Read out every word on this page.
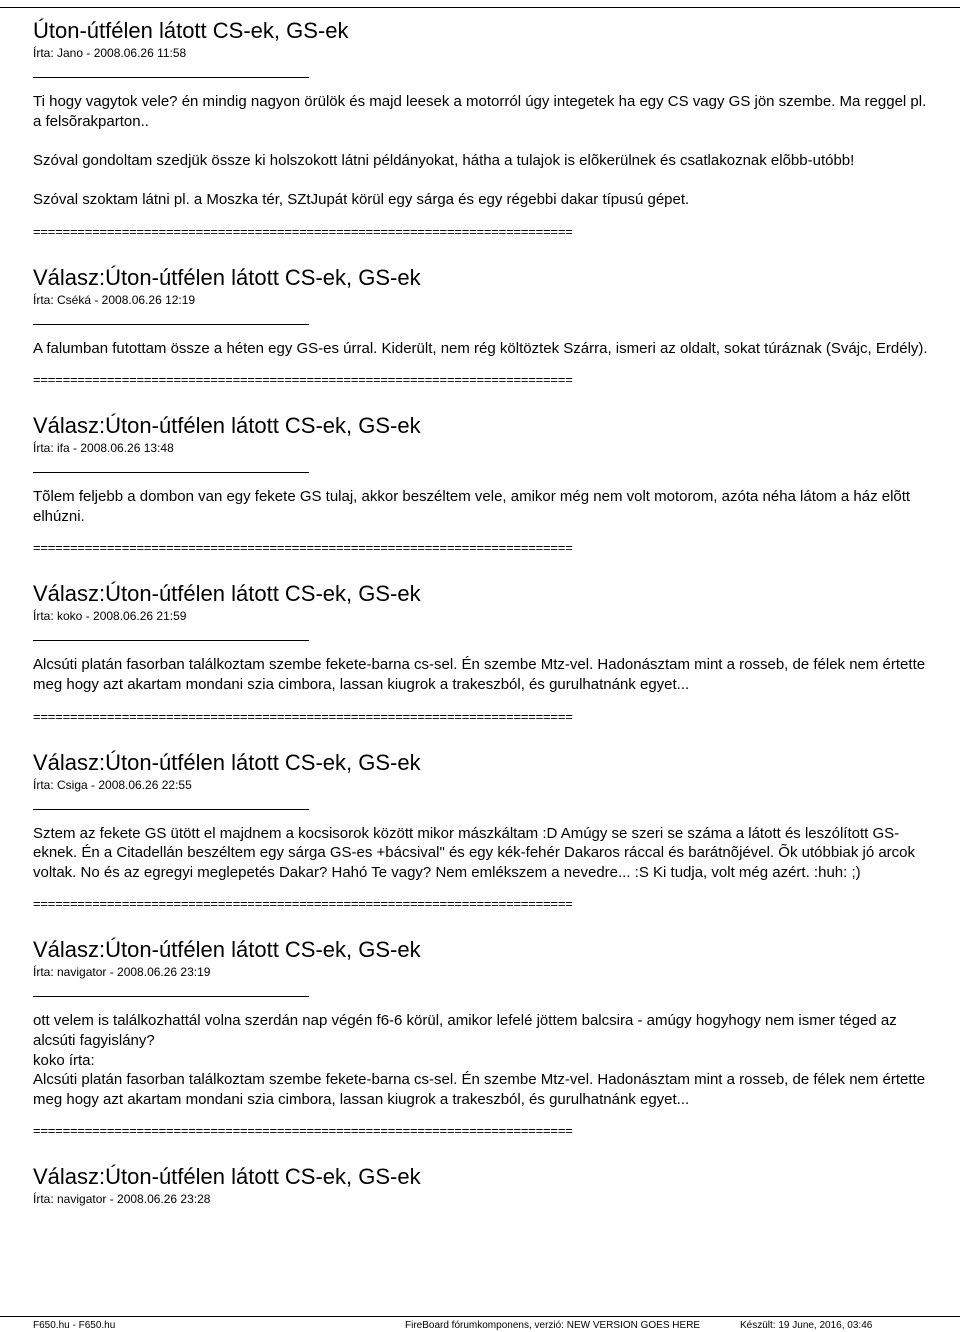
Úton-útfélen látott CS-ek, GS-ek
Írta: Jano - 2008.06.26 11:58

Ti hogy vagytok vele? én mindig nagyon örülök és majd leesek a motorról úgy integetek ha egy CS vagy GS jön szembe. Ma reggel pl. a felsõrakparton..

Szóval gondoltam szedjük össze ki holszokott látni példányokat, hátha a tulajok is elõkerülnek és csatlakoznak elõbb-utóbb!

Szóval szoktam látni pl. a Moszka tér, SZtJupát körül egy sárga és egy régebbi dakar típusú gépet.

=========================================================================
Válasz:Úton-útfélen látott CS-ek, GS-ek
Írta: Cséká - 2008.06.26 12:19

A falumban futottam össze a héten egy GS-es úrral. Kiderült, nem rég költöztek Szárra, ismeri az oldalt, sokat túráznak (Svájc, Erdély).

=========================================================================
Válasz:Úton-útfélen látott CS-ek, GS-ek
Írta: ifa - 2008.06.26 13:48

Tõlem feljebb a dombon van egy fekete GS tulaj, akkor beszéltem vele, amikor még nem volt motorom, azóta néha látom a ház elõtt elhúzni.

=========================================================================
Válasz:Úton-útfélen látott CS-ek, GS-ek
Írta: koko - 2008.06.26 21:59

Alcsúti platán fasorban találkoztam szembe fekete-barna cs-sel. Én szembe Mtz-vel. Hadonásztam mint a rosseb, de félek nem értette meg hogy azt akartam mondani szia cimbora, lassan kiugrok a trakeszból, és gurulhatnánk egyet...

=========================================================================
Válasz:Úton-útfélen látott CS-ek, GS-ek
Írta: Csiga - 2008.06.26 22:55

Sztem az fekete GS ütött el majdnem a kocsisorok között mikor mászkáltam :D Amúgy se szeri se száma a látott és leszólított GS-eknek. Én a Citadellán beszéltem egy sárga GS-es +bácsival" és egy kék-fehér Dakaros ráccal és barátnõjével. Õk utóbbiak jó arcok voltak. No és az egregyi meglepetés Dakar? Hahó Te vagy? Nem emlékszem a nevedre... :S Ki tudja, volt még azért. :huh: ;)

=========================================================================
Válasz:Úton-útfélen látott CS-ek, GS-ek
Írta: navigator - 2008.06.26 23:19

ott velem is találkozhattál volna szerdán nap végén f6-6 körül, amikor lefelé jöttem balcsira - amúgy hogyhogy nem ismer téged az alcsúti fagyislány?

koko írta:

Alcsúti platán fasorban találkoztam szembe fekete-barna cs-sel. Én szembe Mtz-vel. Hadonásztam mint a rosseb, de félek nem értette meg hogy azt akartam mondani szia cimbora, lassan kiugrok a trakeszból, és gurulhatnánk egyet...

=========================================================================
Válasz:Úton-útfélen látott CS-ek, GS-ek
Írta: navigator - 2008.06.26 23:28
F650.hu - F650.hu	FireBoard fórumkomponens, verzió: NEW VERSION GOES HERE	Készült: 19 June, 2016, 03:46
